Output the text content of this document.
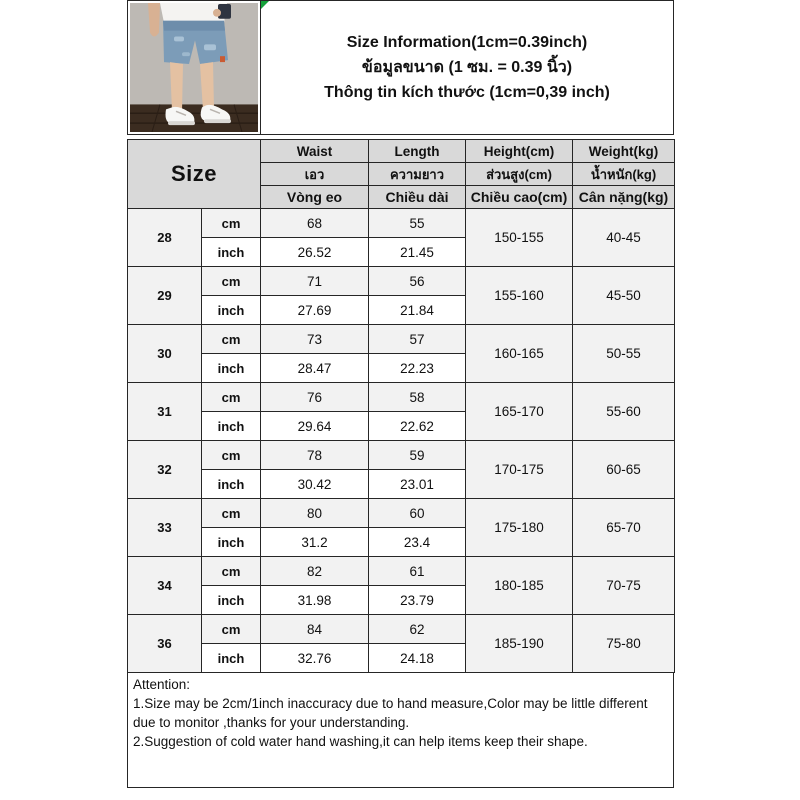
Size Information(1cm=0.39inch)
ข้อมูลขนาด (1 ซม. = 0.39 นิ้ว)
Thông tin kích thước (1cm=0,39 inch)
Size		Waist	Length	Height(cm)	Weight(kg)
		เอว	ความยาว	ส่วนสูง(cm)	น้ำหนัก(kg)
		Vòng eo	Chiều dài	Chiều cao(cm)	Cân nặng(kg)
28	cm	68	55	150-155	40-45
	inch	26.52	21.45		
29	cm	71	56	155-160	45-50
	inch	27.69	21.84		
30	cm	73	57	160-165	50-55
	inch	28.47	22.23		
31	cm	76	58	165-170	55-60
	inch	29.64	22.62		
32	cm	78	59	170-175	60-65
	inch	30.42	23.01		
33	cm	80	60	175-180	65-70
	inch	31.2	23.4		
34	cm	82	61	180-185	70-75
	inch	31.98	23.79		
36	cm	84	62	185-190	75-80
	inch	32.76	24.18		
Attention:
1.Size may be 2cm/1inch inaccuracy due to hand measure,Color may be little different due to monitor ,thanks for your understanding.
2.Suggestion of cold water hand washing,it can help items keep their shape.
